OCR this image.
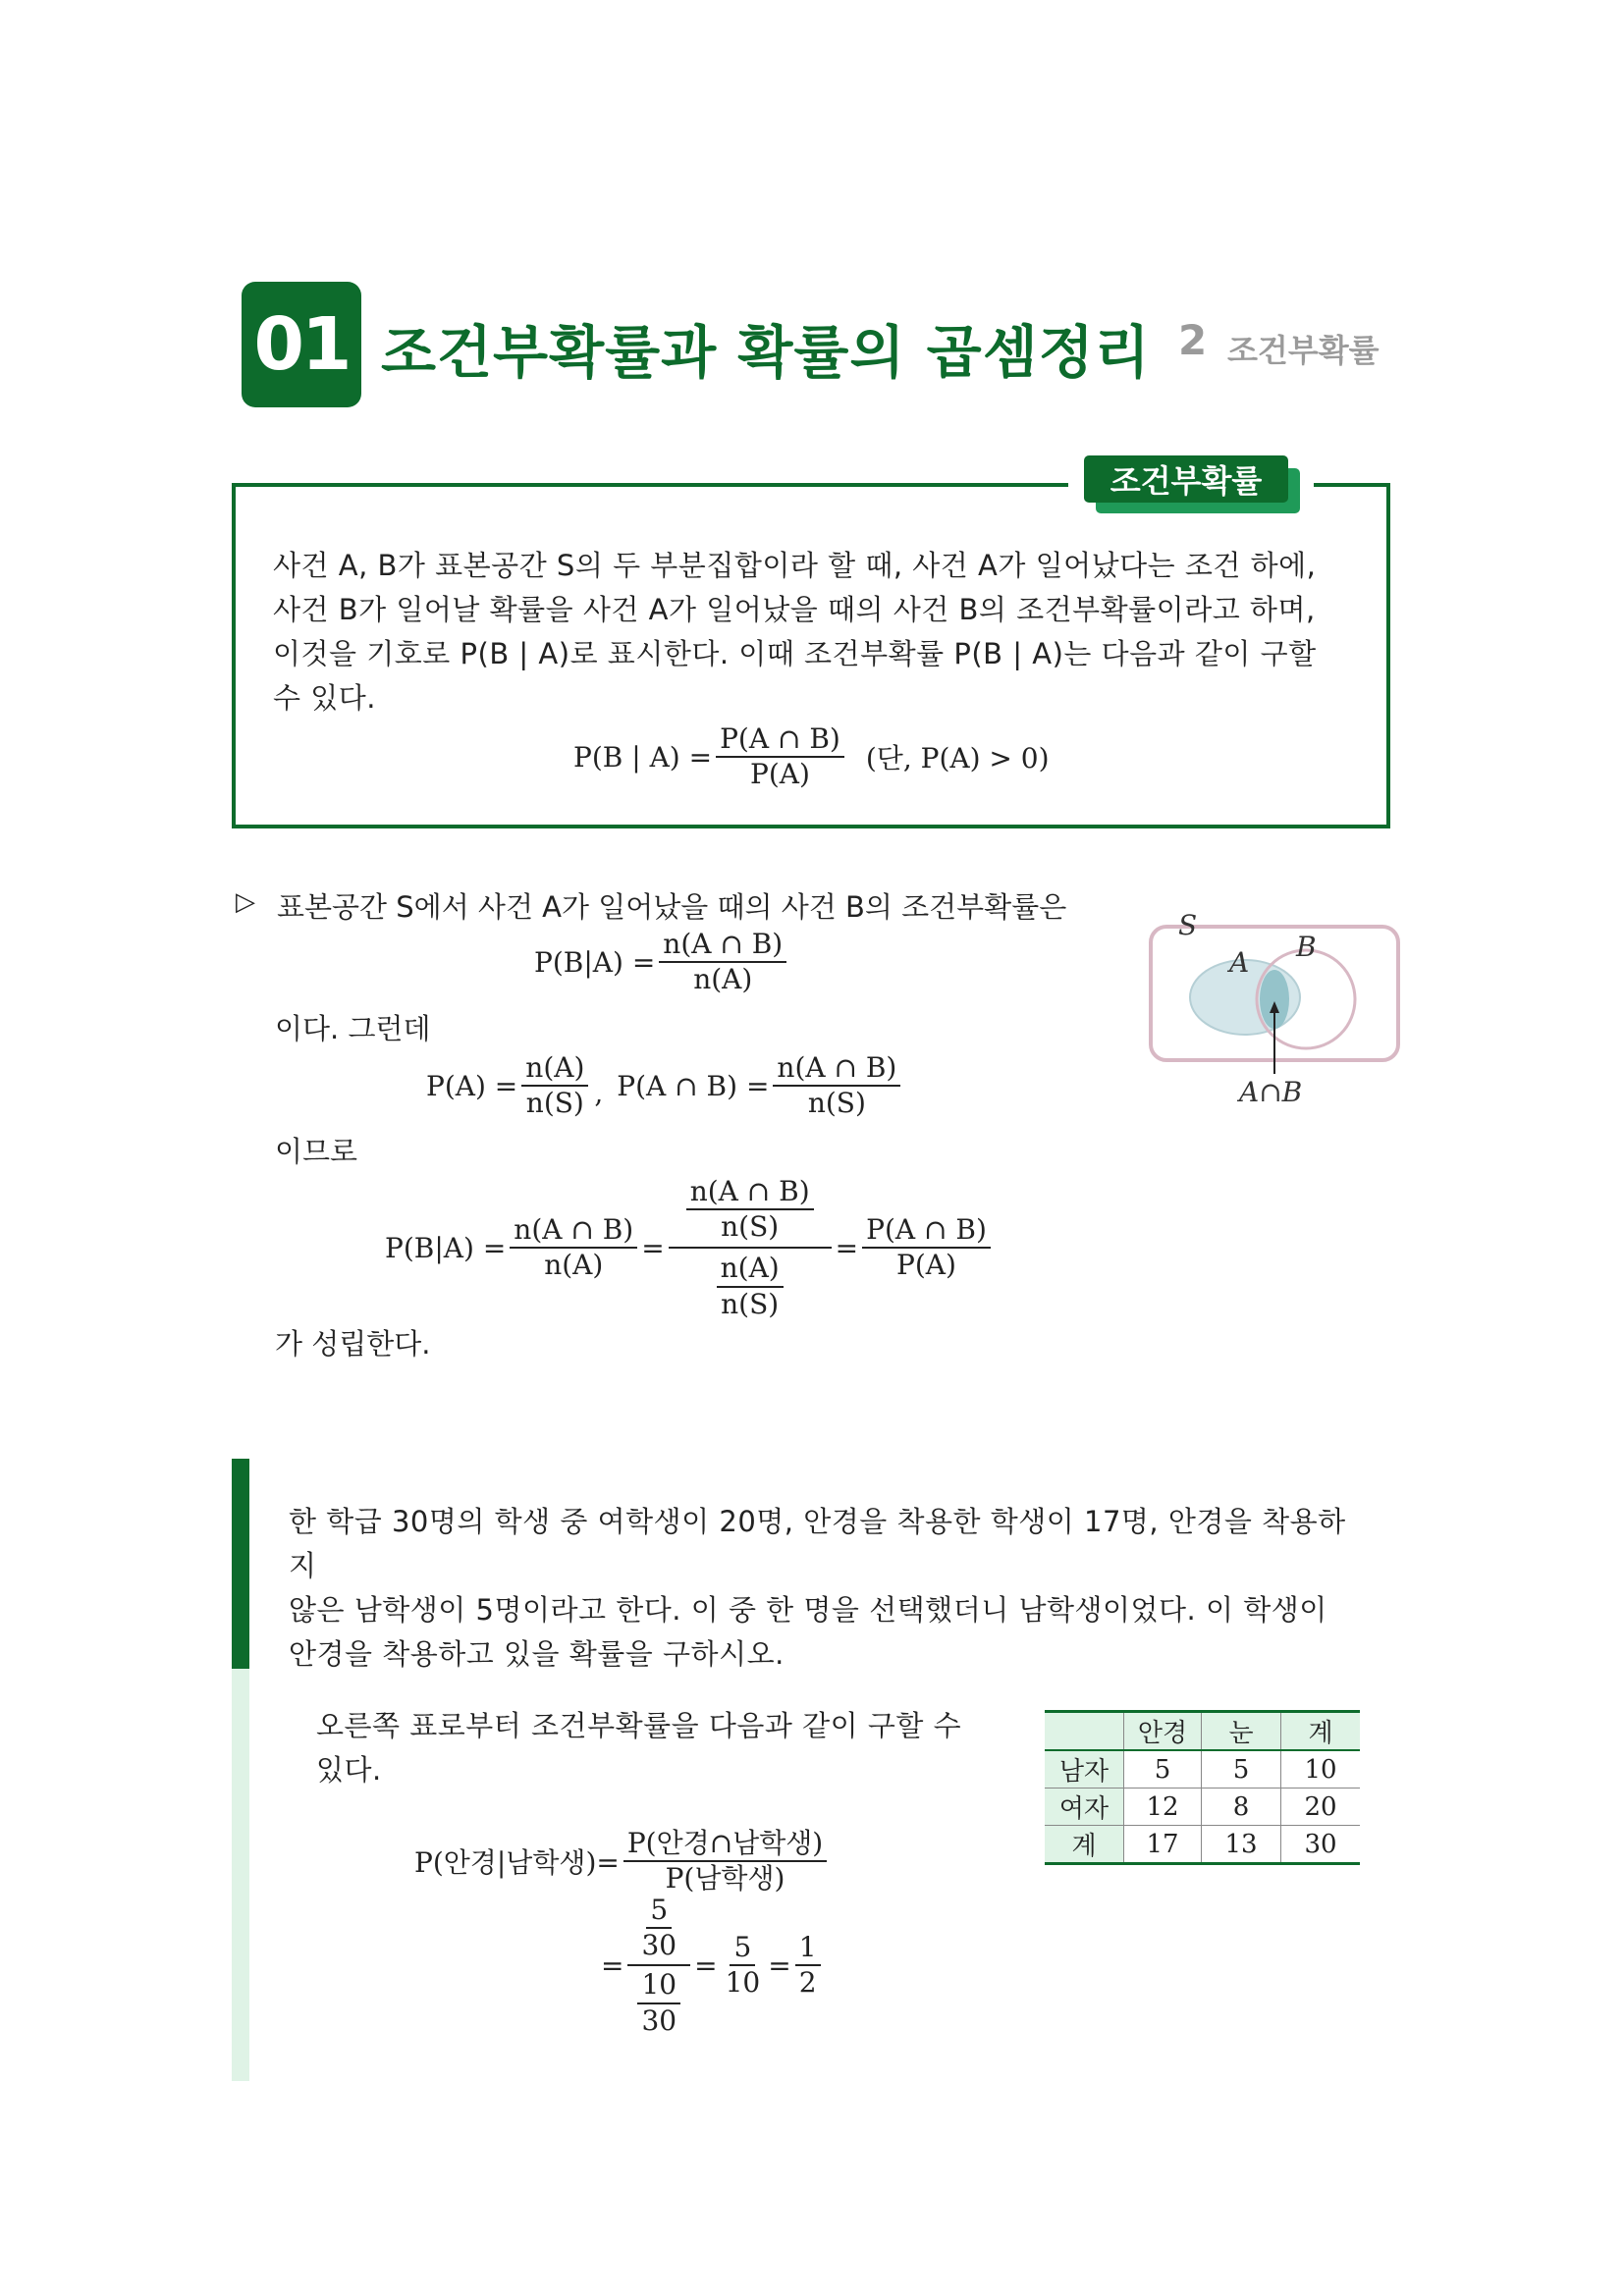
01 조건부확률과 확률의 곱셈정리 2 조건부확률
조건부확률
사건 A, B가 표본공간 S의 두 부분집합이라 할 때, 사건 A가 일어났다는 조건 하에,
사건 B가 일어날 확률을 사건 A가 일어났을 때의 사건 B의 조건부확률이라고 하며,
이것을 기호로 P(B | A)로 표시한다. 이때 조건부확률 P(B | A)는 다음과 같이 구할
수 있다.
P(B | $A) = \frac{P(A \cap B)}{P(A)}$ (단, P(A) > 0)
▷ 표본공간 S에서 사건 A가 일어났을 때의 사건 B의 조건부확률은
$P(B|A) = \frac{n(A \cap B)}{n(A)}$
이다. 그런데
$P(A) = \frac{n(A)}{n(S)}$ , P(A ∩ $B) = \frac{n(A \cap B)}{n(S)}$
이므로
$P(B|A) = \frac{n(A \cap B)}{n(A)} = \frac{\frac{n(A \cap B)}{n(S)}}{\frac{n(A)}{n(S)}} = \frac{P(A \cap B)}{P(A)}$
가 성립한다.
S
A B
A∩B
한 학급 30명의 학생 중 여학생이 20명, 안경을 착용한 학생이 17명, 안경을 착용하지
않은 남학생이 5명이라고 한다. 이 중 한 명을 선택했더니 남학생이었다. 이 학생이
안경을 착용하고 있을 확률을 구하시오.
오른쪽 표로부터 조건부확률을 다음과 같이 구할 수
있다.
	안경	눈	계
남자	5	5	10
여자	12	8	20
계	17	13	30
P(안경|남학생)= $\frac{\text{P(안경∩남학생)}}{\text{P(남학생)}}$
= $\frac{\frac{5}{30}}{\frac{10}{30}} = \frac{5}{10} = \frac{1}{2}$
